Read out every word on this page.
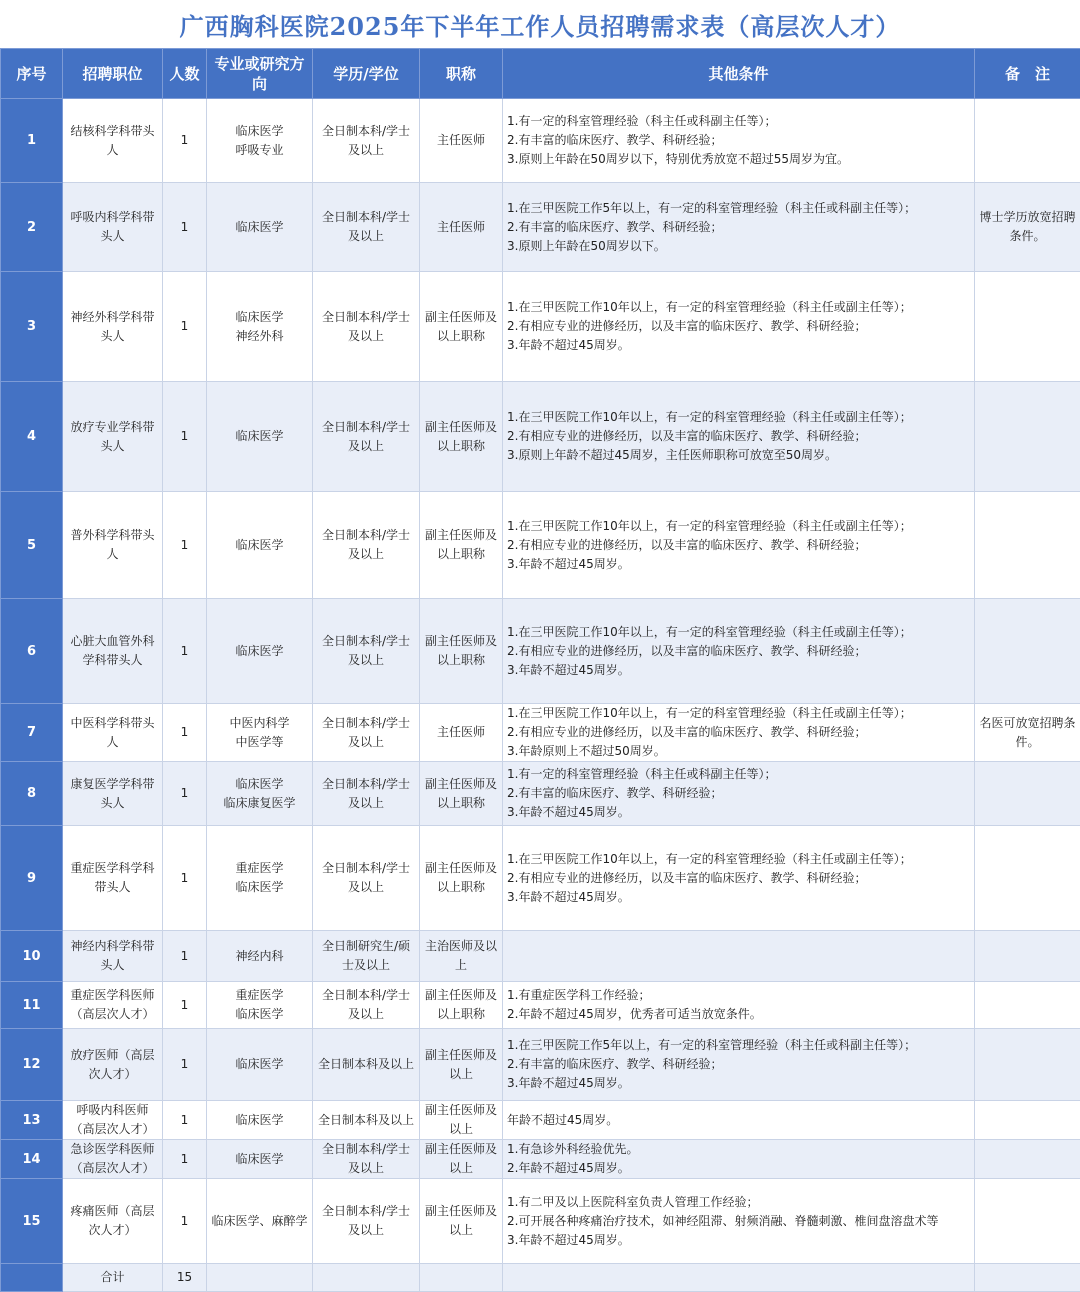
广西胸科医院2025年下半年工作人员招聘需求表（高层次人才）
序号	招聘职位	人数	专业或研究方向	学历/学位	职称	其他条件	备　注
1	结核科学科带头人	1	临床医学
呼吸专业	全日制本科/学士及以上	主任医师	1.有一定的科室管理经验（科主任或科副主任等）；
2.有丰富的临床医疗、教学、科研经验；
3.原则上年龄在50周岁以下，特别优秀放宽不超过55周岁为宜。	

2	呼吸内科学科带头人	1	临床医学	全日制本科/学士及以上	主任医师	1.在三甲医院工作5年以上，有一定的科室管理经验（科主任或科副主任等）；
2.有丰富的临床医疗、教学、科研经验；
3.原则上年龄在50周岁以下。	博士学历放宽招聘条件。
3	神经外科学科带头人	1	临床医学
神经外科	全日制本科/学士及以上	副主任医师及以上职称	1.在三甲医院工作10年以上，有一定的科室管理经验（科主任或副主任等）；
2.有相应专业的进修经历，以及丰富的临床医疗、教学、科研经验；
3.年龄不超过45周岁。	

4	放疗专业学科带头人	1	临床医学	全日制本科/学士及以上	副主任医师及以上职称	1.在三甲医院工作10年以上，有一定的科室管理经验（科主任或副主任等）；
2.有相应专业的进修经历，以及丰富的临床医疗、教学、科研经验；
3.原则上年龄不超过45周岁，主任医师职称可放宽至50周岁。	

5	普外科学科带头人	1	临床医学	全日制本科/学士及以上	副主任医师及以上职称	1.在三甲医院工作10年以上，有一定的科室管理经验（科主任或副主任等）；
2.有相应专业的进修经历，以及丰富的临床医疗、教学、科研经验；
3.年龄不超过45周岁。	

6	心脏大血管外科学科带头人	1	临床医学	全日制本科/学士及以上	副主任医师及以上职称	1.在三甲医院工作10年以上，有一定的科室管理经验（科主任或副主任等）；
2.有相应专业的进修经历，以及丰富的临床医疗、教学、科研经验；
3.年龄不超过45周岁。	

7	中医科学科带头人	1	中医内科学
中医学等	全日制本科/学士及以上	主任医师	1.在三甲医院工作10年以上，有一定的科室管理经验（科主任或副主任等）；
2.有相应专业的进修经历，以及丰富的临床医疗、教学、科研经验；
3.年龄原则上不超过50周岁。	名医可放宽招聘条件。
8	康复医学学科带头人	1	临床医学
临床康复医学	全日制本科/学士及以上	副主任医师及以上职称	1.有一定的科室管理经验（科主任或科副主任等）；
2.有丰富的临床医疗、教学、科研经验；
3.年龄不超过45周岁。	

9	重症医学科学科带头人	1	重症医学
临床医学	全日制本科/学士及以上	副主任医师及以上职称	1.在三甲医院工作10年以上，有一定的科室管理经验（科主任或副主任等）；
2.有相应专业的进修经历，以及丰富的临床医疗、教学、科研经验；
3.年龄不超过45周岁。	

10	神经内科学科带头人	1	神经内科	全日制研究生/硕士及以上	主治医师及以上		
11	重症医学科医师（高层次人才）	1	重症医学
临床医学	全日制本科/学士及以上	副主任医师及以上职称	1.有重症医学科工作经验；
2.年龄不超过45周岁，优秀者可适当放宽条件。	

12	放疗医师（高层次人才）	1	临床医学	全日制本科及以上	副主任医师及以上	1.在三甲医院工作5年以上，有一定的科室管理经验（科主任或科副主任等）；
2.有丰富的临床医疗、教学、科研经验；
3.年龄不超过45周岁。	

13	呼吸内科医师（高层次人才）	1	临床医学	全日制本科及以上	副主任医师及以上	年龄不超过45周岁。	

14	急诊医学科医师（高层次人才）	1	临床医学	全日制本科/学士及以上	副主任医师及以上	1.有急诊外科经验优先。
2.年龄不超过45周岁。	

15	疼痛医师（高层次人才）	1	临床医学、麻醉学	全日制本科/学士及以上	副主任医师及以上	1.有二甲及以上医院科室负责人管理工作经验；
2.可开展各种疼痛治疗技术，如神经阻滞、射频消融、脊髓刺激、椎间盘溶盘术等
3.年龄不超过45周岁。	

	合计	15					
